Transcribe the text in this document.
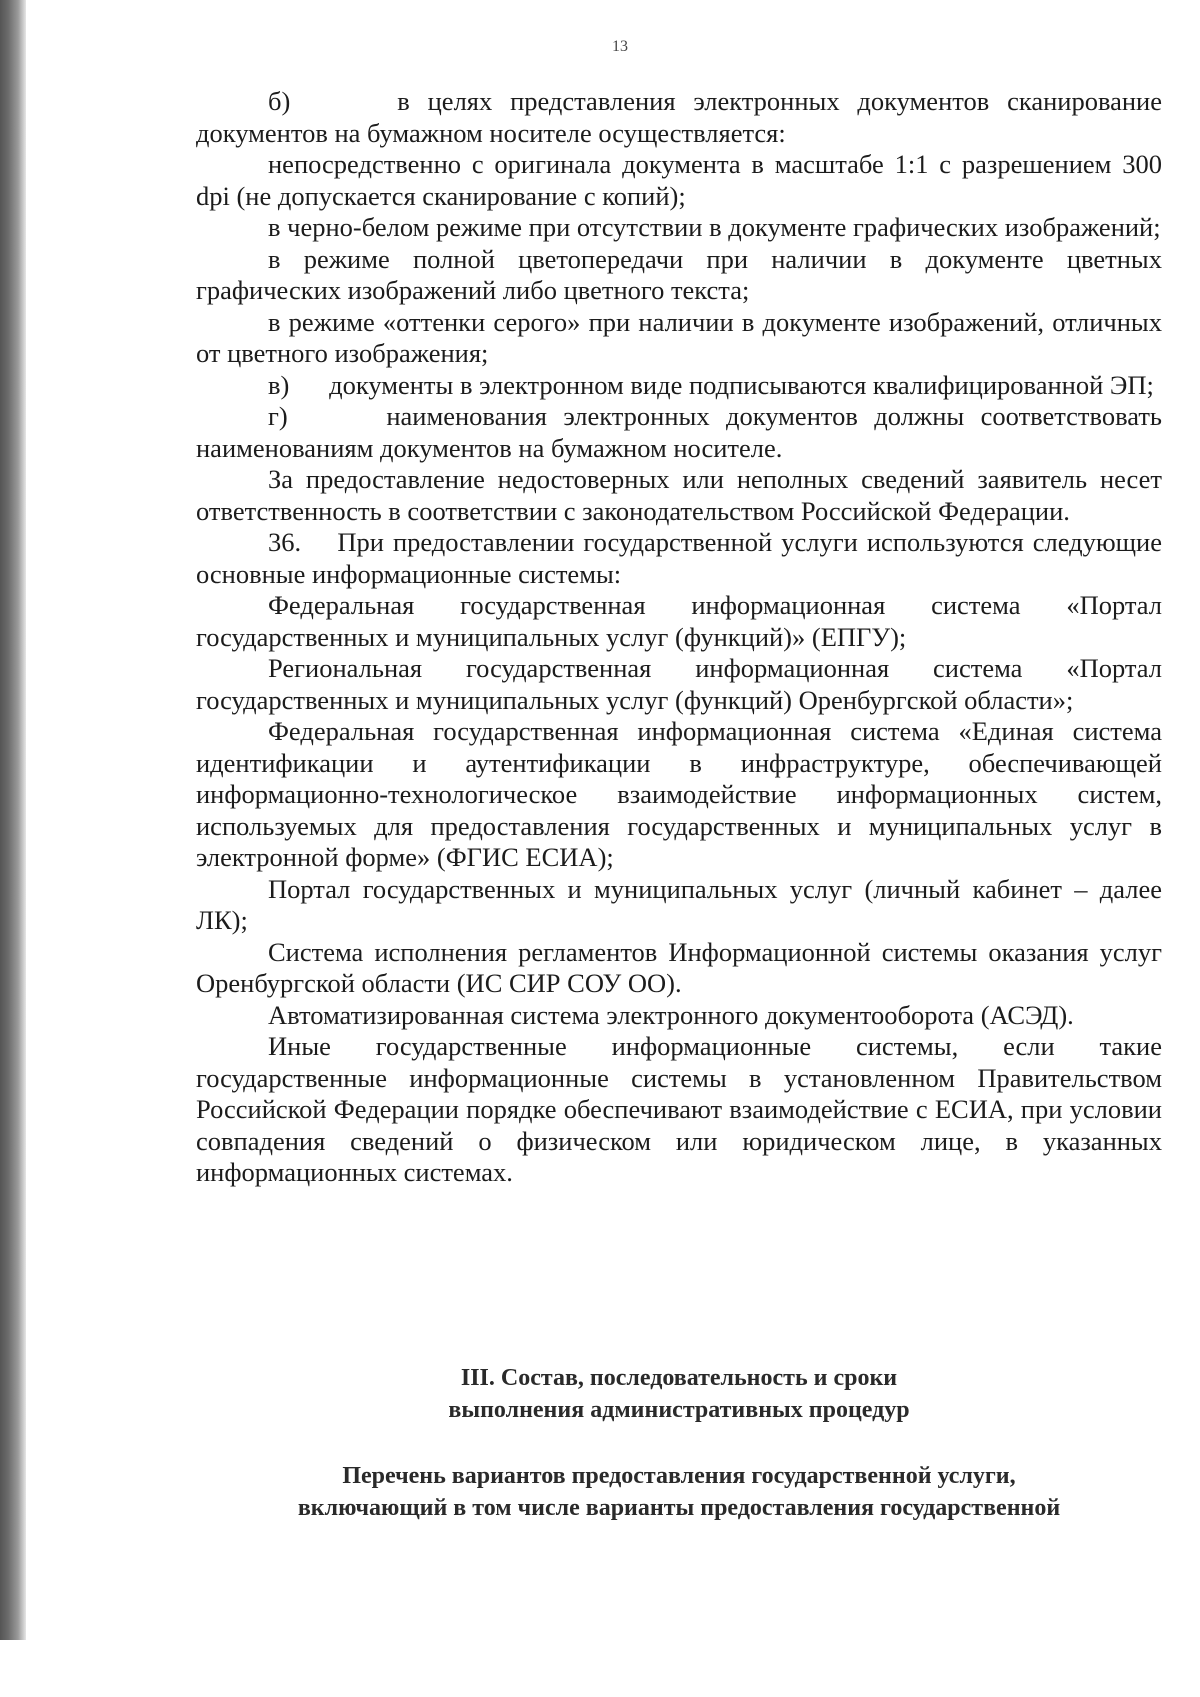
13

б)      в целях представления электронных документов сканирование документов на бумажном носителе осуществляется:

непосредственно с оригинала документа в масштабе 1:1 с разрешением 300 dpi (не допускается сканирование с копий);

в черно-белом режиме при отсутствии в документе графических изображений;

в режиме полной цветопередачи при наличии в документе цветных графических изображений либо цветного текста;

в режиме «оттенки серого» при наличии в документе изображений, отличных от цветного изображения;

в)      документы в электронном виде подписываются квалифицированной ЭП;

г)      наименования электронных документов должны соответствовать наименованиям документов на бумажном носителе.

За предоставление недостоверных или неполных сведений заявитель несет ответственность в соответствии с законодательством Российской Федерации.

36.    При предоставлении государственной услуги используются следующие основные информационные системы:

Федеральная государственная информационная система «Портал государственных и муниципальных услуг (функций)» (ЕПГУ);

Региональная государственная информационная система «Портал государственных и муниципальных услуг (функций) Оренбургской области»;

Федеральная государственная информационная система «Единая система идентификации и аутентификации в инфраструктуре, обеспечивающей информационно-технологическое взаимодействие информационных систем, используемых для предоставления государственных и муниципальных услуг в электронной форме» (ФГИС ЕСИА);

Портал государственных и муниципальных услуг (личный кабинет – далее ЛК);

Система исполнения регламентов Информационной системы оказания услуг Оренбургской области (ИС СИР СОУ ОО).

Автоматизированная система электронного документооборота (АСЭД).

Иные государственные информационные системы, если такие государственные информационные системы в установленном Правительством Российской Федерации порядке обеспечивают взаимодействие с ЕСИА, при условии совпадения сведений о физическом или юридическом лице, в указанных информационных системах.

III. Состав, последовательность и сроки
выполнения административных процедур
Перечень вариантов предоставления государственной услуги,
включающий в том числе варианты предоставления государственной
